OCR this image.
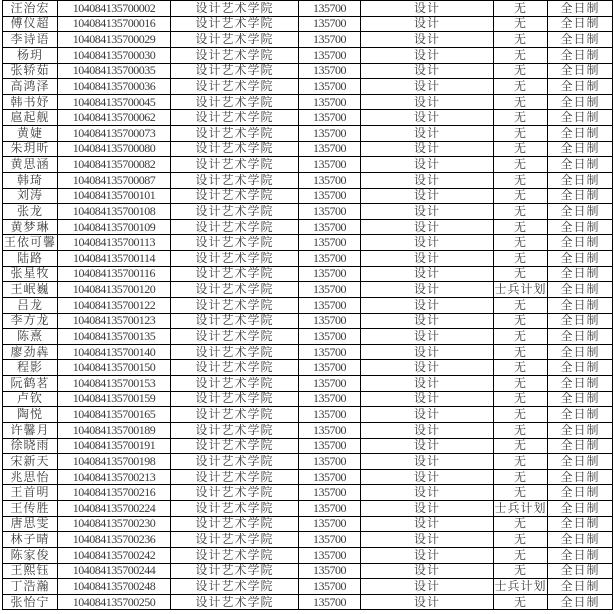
汪治宏	104084135700002	设计艺术学院	135700	设计	无	全日制
傅仪超	104084135700016	设计艺术学院	135700	设计	无	全日制
李诗语	104084135700029	设计艺术学院	135700	设计	无	全日制
杨玥	104084135700030	设计艺术学院	135700	设计	无	全日制
张轿茹	104084135700035	设计艺术学院	135700	设计	无	全日制
高鸿泽	104084135700036	设计艺术学院	135700	设计	无	全日制
韩书妤	104084135700045	设计艺术学院	135700	设计	无	全日制
扈起舰	104084135700062	设计艺术学院	135700	设计	无	全日制
黄婕	104084135700073	设计艺术学院	135700	设计	无	全日制
朱玥昕	104084135700080	设计艺术学院	135700	设计	无	全日制
黄思涵	104084135700082	设计艺术学院	135700	设计	无	全日制
韩琦	104084135700087	设计艺术学院	135700	设计	无	全日制
刘涛	104084135700101	设计艺术学院	135700	设计	无	全日制
张龙	104084135700108	设计艺术学院	135700	设计	无	全日制
黄梦琳	104084135700109	设计艺术学院	135700	设计	无	全日制
王依可馨	104084135700113	设计艺术学院	135700	设计	无	全日制
陆路	104084135700114	设计艺术学院	135700	设计	无	全日制
张星牧	104084135700116	设计艺术学院	135700	设计	无	全日制
王岷巍	104084135700120	设计艺术学院	135700	设计	士兵计划	全日制
吕龙	104084135700122	设计艺术学院	135700	设计	无	全日制
李方龙	104084135700123	设计艺术学院	135700	设计	无	全日制
陈熹	104084135700135	设计艺术学院	135700	设计	无	全日制
廖劲犇	104084135700140	设计艺术学院	135700	设计	无	全日制
程影	104084135700150	设计艺术学院	135700	设计	无	全日制
阮鹤茗	104084135700153	设计艺术学院	135700	设计	无	全日制
卢钦	104084135700159	设计艺术学院	135700	设计	无	全日制
陶悦	104084135700165	设计艺术学院	135700	设计	无	全日制
许馨月	104084135700189	设计艺术学院	135700	设计	无	全日制
徐晓雨	104084135700191	设计艺术学院	135700	设计	无	全日制
宋新天	104084135700198	设计艺术学院	135700	设计	无	全日制
兆思怡	104084135700213	设计艺术学院	135700	设计	无	全日制
王首明	104084135700216	设计艺术学院	135700	设计	无	全日制
王传胜	104084135700224	设计艺术学院	135700	设计	士兵计划	全日制
唐思雯	104084135700230	设计艺术学院	135700	设计	无	全日制
林子晴	104084135700236	设计艺术学院	135700	设计	无	全日制
陈家俊	104084135700242	设计艺术学院	135700	设计	无	全日制
王熙钰	104084135700244	设计艺术学院	135700	设计	无	全日制
丁浩瀚	104084135700248	设计艺术学院	135700	设计	士兵计划	全日制
张怡宁	104084135700250	设计艺术学院	135700	设计	无	全日制
